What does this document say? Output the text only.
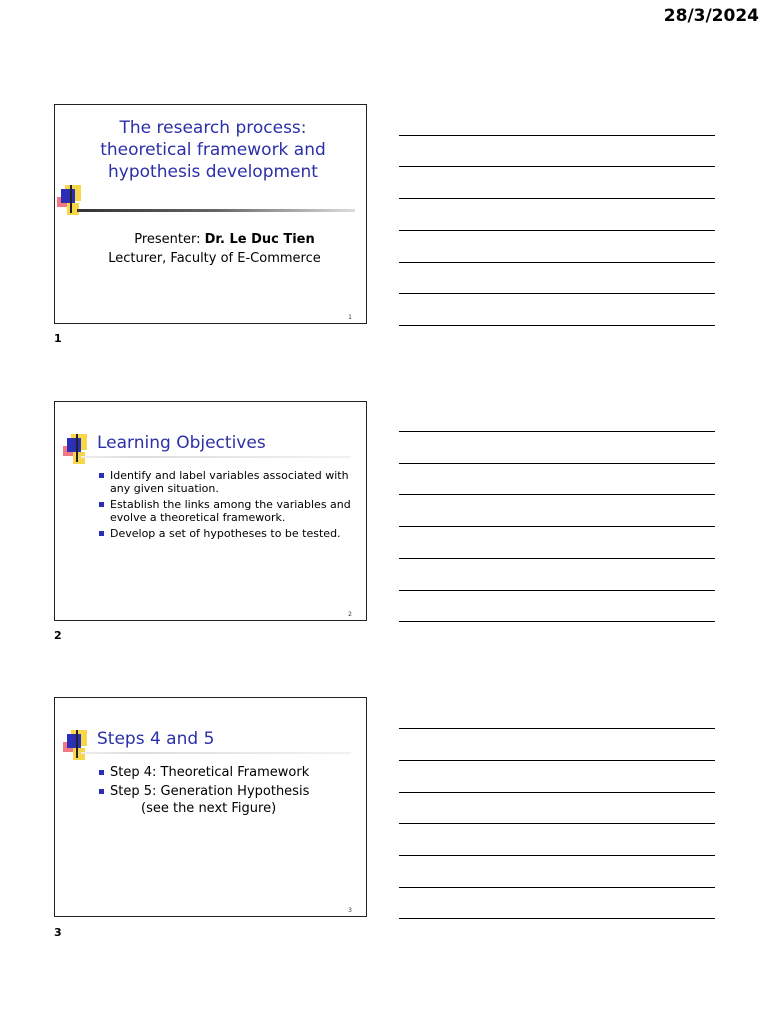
28/3/2024
The research process:
theoretical framework and
hypothesis development
Presenter: Dr. Le Duc Tien
Lecturer, Faculty of E-Commerce
1
1
Learning Objectives
Identify and label variables associated with any given situation.
Establish the links among the variables and evolve a theoretical framework.
Develop a set of hypotheses to be tested.
2
2
Steps 4 and 5
Step 4: Theoretical Framework
Step 5: Generation Hypothesis
(see the next Figure)
3
3
